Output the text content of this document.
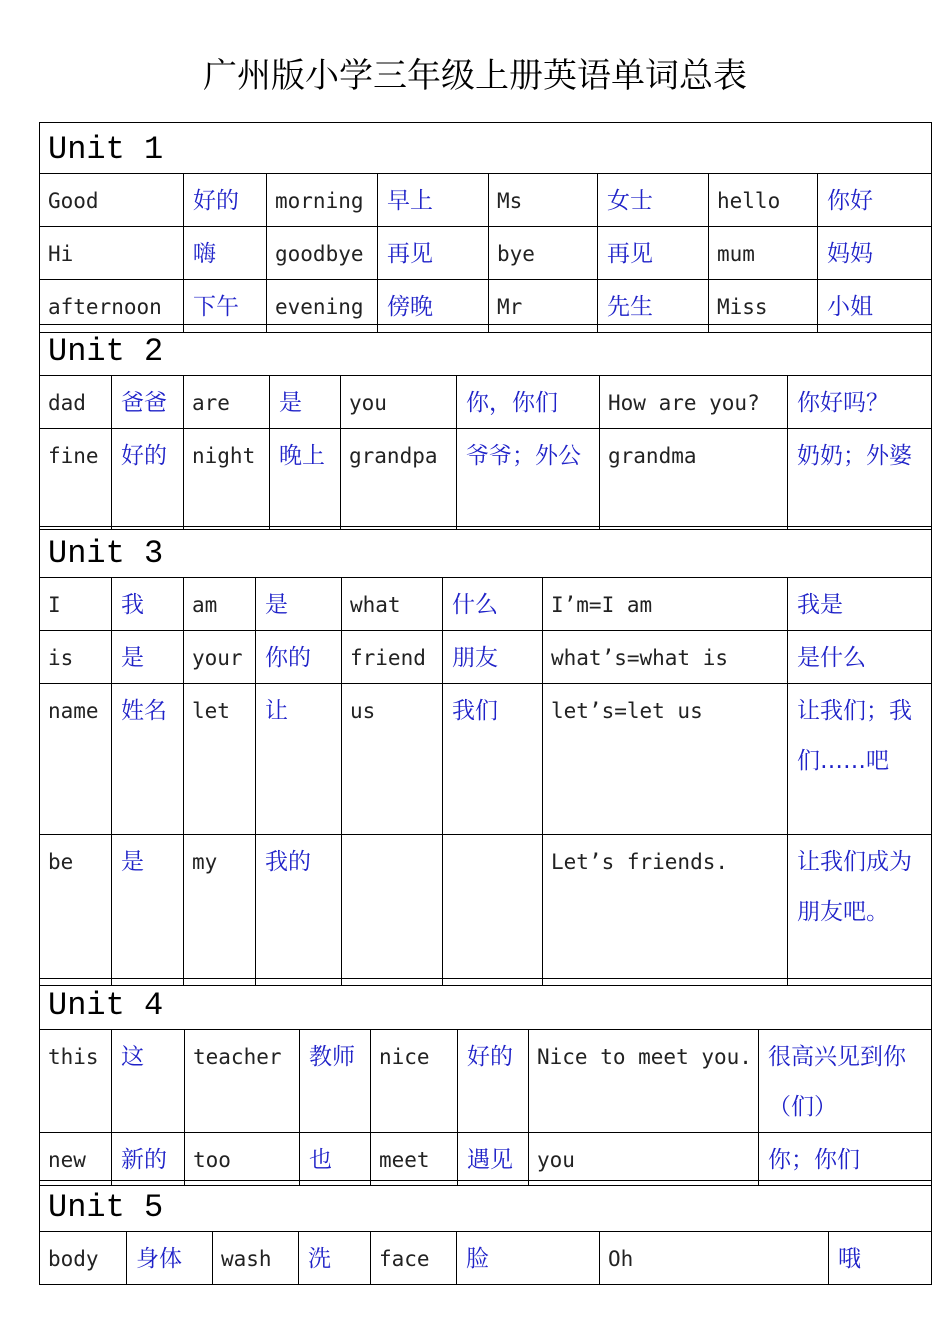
广州版小学三年级上册英语单词总表
Unit 1							
Good	好的	morning	早上	Ms	女士	hello	你好
Hi	嗨	goodbye	再见	bye	再见	mum	妈妈
afternoon	下午	evening	傍晚	Mr	先生	Miss	小姐
Unit 2							
dad	爸爸	are	是	you	你，你们	How are you?	你好吗？
fine	好的	night	晚上	grandpa	爷爷；外公	grandma	奶奶；外婆
Unit 3							
I	我	am	是	what	什么	I’m=I am	我是
is	是	your	你的	friend	朋友	what’s=what is	是什么
name	姓名	let	让	us	我们	let’s=let us	让我们；我们……吧
be	是	my	我的			Let’s friends.	让我们成为朋友吧。
Unit 4							
this	这	teacher	教师	nice	好的	Nice to meet you.	很高兴见到你（们）
new	新的	too	也	meet	遇见	you	你；你们
Unit 5
body	身体	wash	洗	face	脸	Oh	哦
